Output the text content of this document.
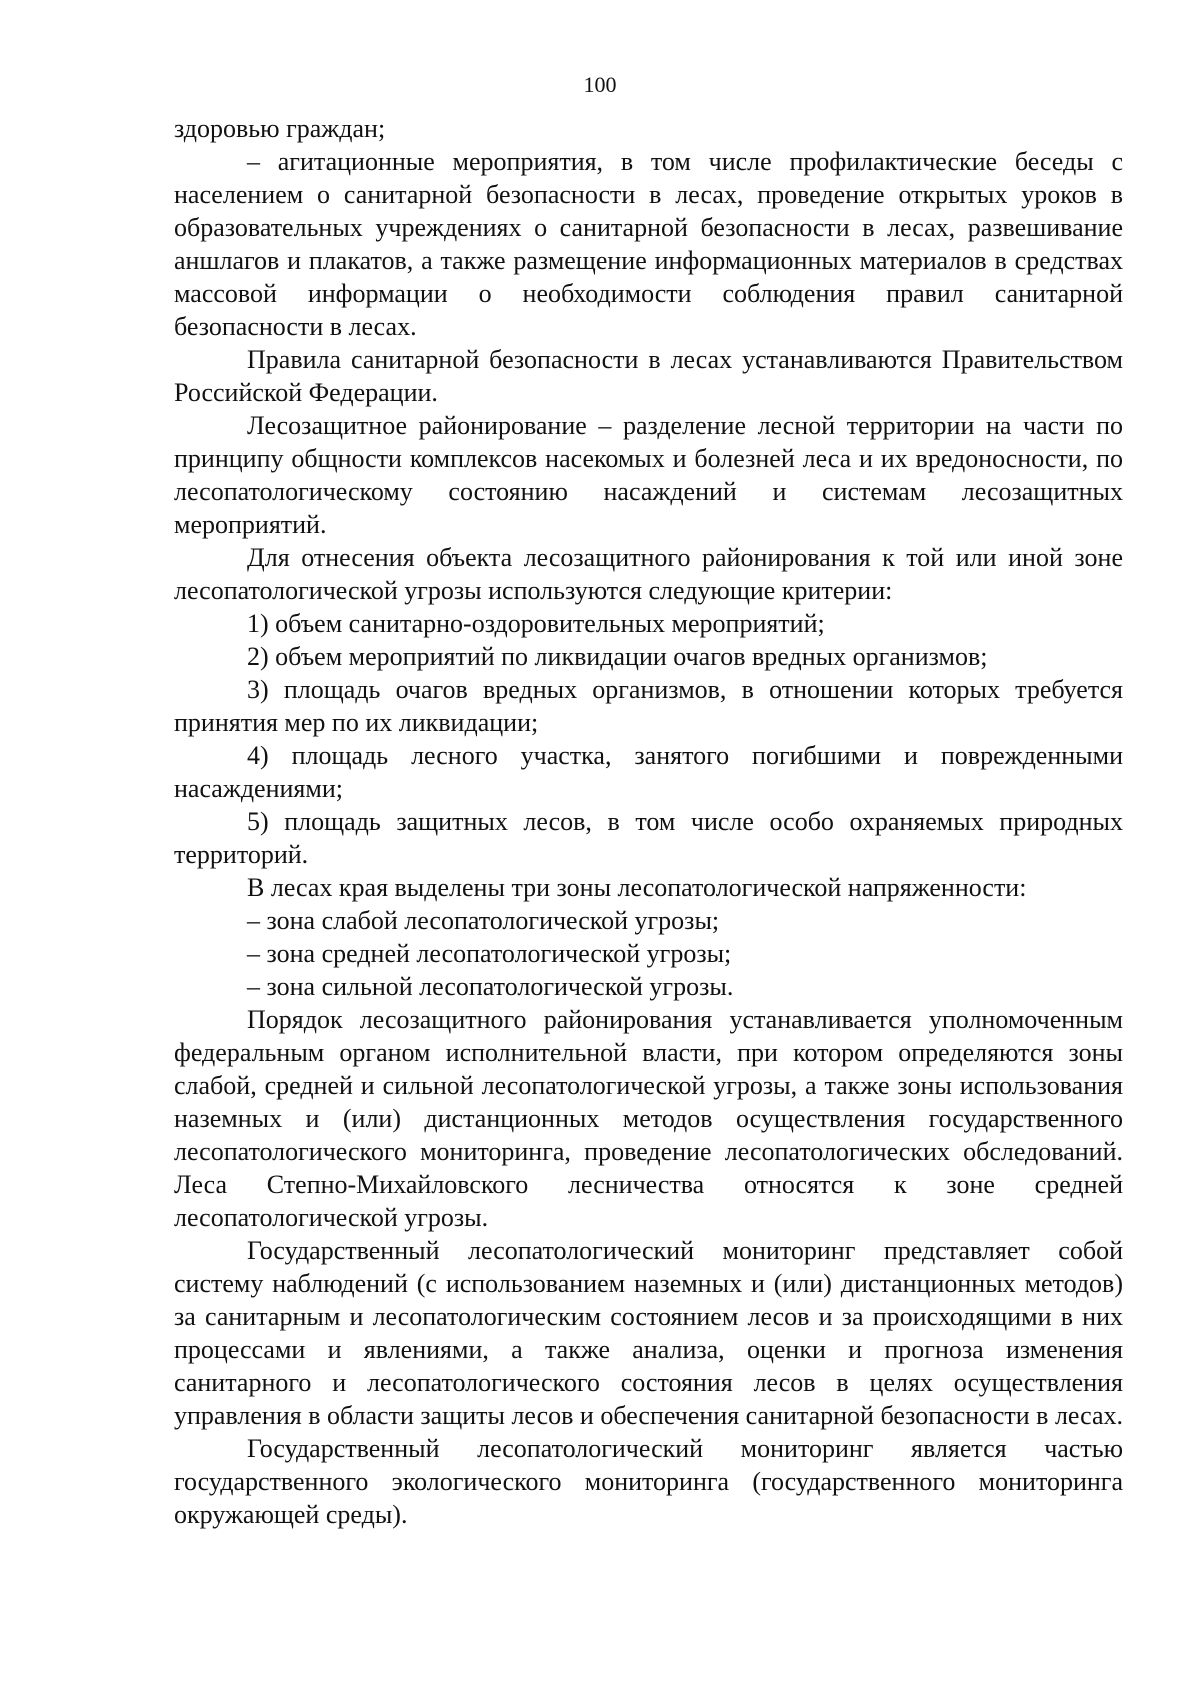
100

здоровью граждан;

– агитационные мероприятия, в том числе профилактические беседы с населением о санитарной безопасности в лесах, проведение открытых уроков в образовательных учреждениях о санитарной безопасности в лесах, развешивание аншлагов и плакатов, а также размещение информационных материалов в средствах массовой информации о необходимости соблюдения правил санитарной безопасности в лесах.

Правила санитарной безопасности в лесах устанавливаются Правительством Российской Федерации.

Лесозащитное районирование – разделение лесной территории на части по принципу общности комплексов насекомых и болезней леса и их вредоносности, по лесопатологическому состоянию насаждений и системам лесозащитных мероприятий.

Для отнесения объекта лесозащитного районирования к той или иной зоне лесопатологической угрозы используются следующие критерии:

1) объем санитарно-оздоровительных мероприятий;

2) объем мероприятий по ликвидации очагов вредных организмов;

3) площадь очагов вредных организмов, в отношении которых требуется принятия мер по их ликвидации;

4) площадь лесного участка, занятого погибшими и поврежденными насаждениями;

5) площадь защитных лесов, в том числе особо охраняемых природных территорий.

В лесах края выделены три зоны лесопатологической напряженности:

– зона слабой лесопатологической угрозы;

– зона средней лесопатологической угрозы;

– зона сильной лесопатологической угрозы.

Порядок лесозащитного районирования устанавливается уполномоченным федеральным органом исполнительной власти, при котором определяются зоны слабой, средней и сильной лесопатологической угрозы, а также зоны использования наземных и (или) дистанционных методов осуществления государственного лесопатологического мониторинга, проведение лесопатологических обследований. Леса Степно-Михайловского лесничества относятся к зоне средней лесопатологической угрозы.

Государственный лесопатологический мониторинг представляет собой систему наблюдений (с использованием наземных и (или) дистанционных методов) за санитарным и лесопатологическим состоянием лесов и за происходящими в них процессами и явлениями, а также анализа, оценки и прогноза изменения санитарного и лесопатологического состояния лесов в целях осуществления управления в области защиты лесов и обеспечения санитарной безопасности в лесах.

Государственный лесопатологический мониторинг является частью государственного экологического мониторинга (государственного мониторинга окружающей среды).
